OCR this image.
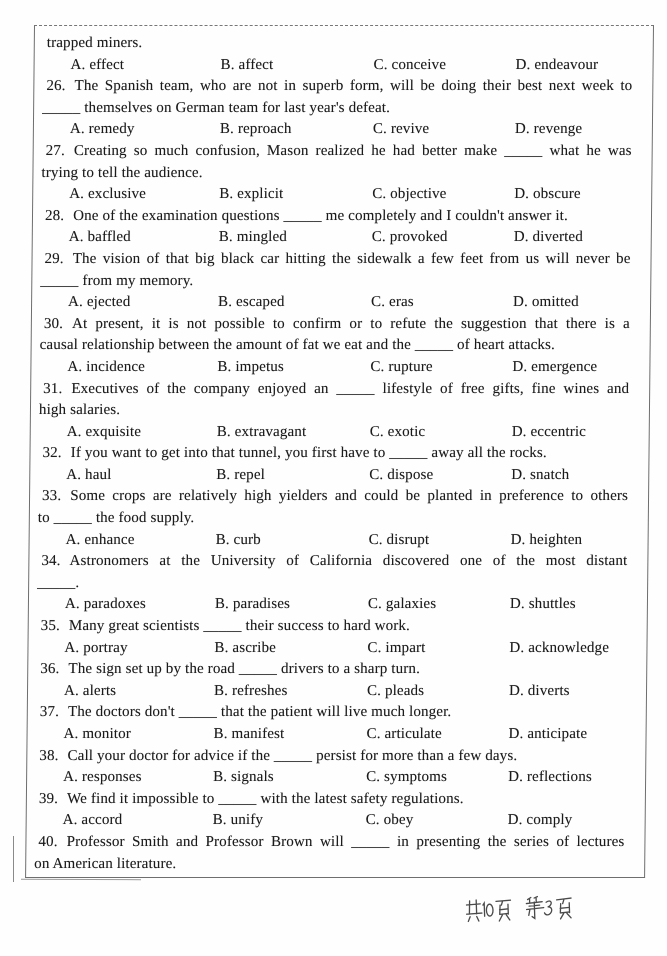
trapped miners.
A. effect	B. affect	C. conceive	D. endeavour
26. The Spanish team, who are not in superb form, will be doing their best next week to
_____ themselves on German team for last year's defeat.
A. remedy	B. reproach	C. revive	D. revenge
27. Creating so much confusion, Mason realized he had better make _____ what he was
trying to tell the audience.
A. exclusive	B. explicit	C. objective	D. obscure
28. One of the examination questions _____ me completely and I couldn't answer it.
A. baffled	B. mingled	C. provoked	D. diverted
29. The vision of that big black car hitting the sidewalk a few feet from us will never be
_____ from my memory.
A. ejected	B. escaped	C. eras	D. omitted
30. At present, it is not possible to confirm or to refute the suggestion that there is a
causal relationship between the amount of fat we eat and the _____ of heart attacks.
A. incidence	B. impetus	C. rupture	D. emergence
31. Executives of the company enjoyed an _____ lifestyle of free gifts, fine wines and
high salaries.
A. exquisite	B. extravagant	C. exotic	D. eccentric
32. If you want to get into that tunnel, you first have to _____ away all the rocks.
A. haul	B. repel	C. dispose	D. snatch
33. Some crops are relatively high yielders and could be planted in preference to others
to _____ the food supply.
A. enhance	B. curb	C. disrupt	D. heighten
34. Astronomers at the University of California discovered one of the most distant
_____.
A. paradoxes	B. paradises	C. galaxies	D. shuttles
35. Many great scientists _____ their success to hard work.
A. portray	B. ascribe	C. impart	D. acknowledge
36. The sign set up by the road _____ drivers to a sharp turn.
A. alerts	B. refreshes	C. pleads	D. diverts
37. The doctors don't _____ that the patient will live much longer.
A. monitor	B. manifest	C. articulate	D. anticipate
38. Call your doctor for advice if the _____ persist for more than a few days.
A. responses	B. signals	C. symptoms	D. reflections
39. We find it impossible to _____ with the latest safety regulations.
A. accord	B. unify	C. obey	D. comply
40. Professor Smith and Professor Brown will _____ in presenting the series of lectures
on American literature.
